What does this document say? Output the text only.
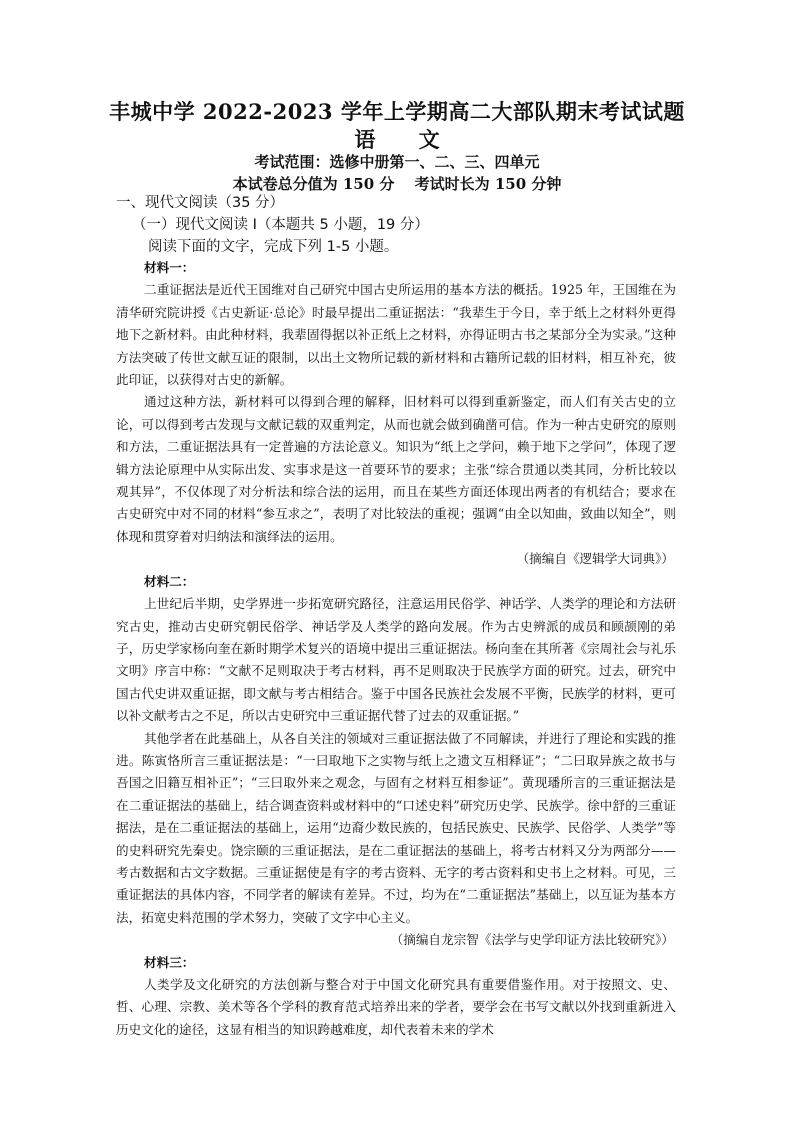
丰城中学 2022-2023 学年上学期高二大部队期末考试试题
语 文
考试范围：选修中册第一、二、三、四单元
本试卷总分值为 150 分　 考试时长为 150 分钟
一、现代文阅读（35 分）
（一）现代文阅读 I（本题共 5 小题，19 分）
阅读下面的文字，完成下列 1-5 小题。
材料一：

二重证据法是近代王国维对自己研究中国古史所运用的基本方法的概括。1925 年，王国维在为清华研究院讲授《古史新证·总论》时最早提出二重证据法：“我辈生于今日，幸于纸上之材料外更得地下之新材料。由此种材料，我辈固得据以补正纸上之材料，亦得证明古书之某部分全为实录。”这种方法突破了传世文献互证的限制，以出土文物所记载的新材料和古籍所记载的旧材料，相互补充，彼此印证，以获得对古史的新解。

通过这种方法，新材料可以得到合理的解释，旧材料可以得到重新鉴定，而人们有关古史的立论，可以得到考古发现与文献记载的双重判定，从而也就会做到确凿可信。作为一种古史研究的原则和方法，二重证据法具有一定普遍的方法论意义。知识为“纸上之学问，赖于地下之学问”，体现了逻辑方法论原理中从实际出发、实事求是这一首要环节的要求；主张“综合贯通以类其同，分析比较以观其异”，不仅体现了对分析法和综合法的运用，而且在某些方面还体现出两者的有机结合；要求在古史研究中对不同的材料“参互求之”，表明了对比较法的重视；强调“由全以知曲，致曲以知全”，则体现和贯穿着对归纳法和演绎法的运用。

（摘编自《逻辑学大词典》）

材料二：

上世纪后半期，史学界进一步拓宽研究路径，注意运用民俗学、神话学、人类学的理论和方法研究古史，推动古史研究朝民俗学、神话学及人类学的路向发展。作为古史辨派的成员和顾颉刚的弟子，历史学家杨向奎在新时期学术复兴的语境中提出三重证据法。杨向奎在其所著《宗周社会与礼乐文明》序言中称：“文献不足则取决于考古材料，再不足则取决于民族学方面的研究。过去，研究中国古代史讲双重证据，即文献与考古相结合。鉴于中国各民族社会发展不平衡，民族学的材料，更可以补文献考古之不足，所以古史研究中三重证据代替了过去的双重证据。”

其他学者在此基础上，从各自关注的领域对三重证据法做了不同解读，并进行了理论和实践的推进。陈寅恪所言三重证据法是：“一曰取地下之实物与纸上之遗文互相释证”；“二曰取异族之故书与吾国之旧籍互相补正”；“三曰取外来之观念，与固有之材料互相参证”。黄现璠所言的三重证据法是在二重证据法的基础上，结合调查资料或材料中的“口述史料”研究历史学、民族学。徐中舒的三重证据法，是在二重证据法的基础上，运用“边裔少数民族的，包括民族史、民族学、民俗学、人类学”等的史料研究先秦史。饶宗颐的三重证据法，是在二重证据法的基础上，将考古材料又分为两部分——考古数据和古文字数据。三重证据使是有字的考古资料、无字的考古资料和史书上之材料。可见，三重证据法的具体内容，不同学者的解读有差异。不过，均为在“二重证据法”基础上，以互证为基本方法，拓宽史料范围的学术努力，突破了文字中心主义。

（摘编自龙宗智《法学与史学印证方法比较研究》）

材料三：

人类学及文化研究的方法创新与整合对于中国文化研究具有重要借鉴作用。对于按照文、史、哲、心理、宗教、美术等各个学科的教育范式培养出来的学者，要学会在书写文献以外找到重新进入历史文化的途径，这显有相当的知识跨越难度，却代表着未来的学术
